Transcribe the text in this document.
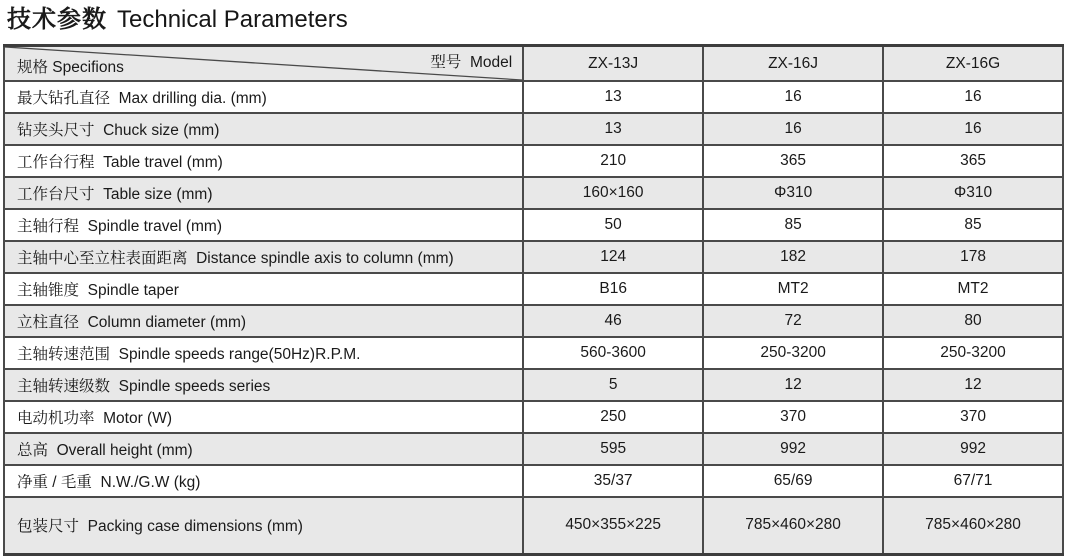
技术参数 Technical Parameters
规格 Specifions 型号  Model	ZX-13J	ZX-16J	ZX-16G
最大钻孔直径  Max drilling dia. (mm)	13	16	16
钻夹头尺寸  Chuck size (mm)	13	16	16
工作台行程  Table travel (mm)	210	365	365
工作台尺寸  Table size (mm)	160×160	Φ310	Φ310
主轴行程  Spindle travel (mm)	50	85	85
主轴中心至立柱表面距离  Distance spindle axis to column (mm)	124	182	178
主轴锥度  Spindle taper	B16	MT2	MT2
立柱直径  Column diameter (mm)	46	72	80
主轴转速范围  Spindle speeds range(50Hz)R.P.M.	560-3600	250-3200	250-3200
主轴转速级数  Spindle speeds series	5	12	12
电动机功率  Motor (W)	250	370	370
总高  Overall height (mm)	595	992	992
净重 / 毛重  N.W./G.W (kg)	35/37	65/69	67/71
包装尺寸  Packing case dimensions (mm)	450×355×225	785×460×280	785×460×280
